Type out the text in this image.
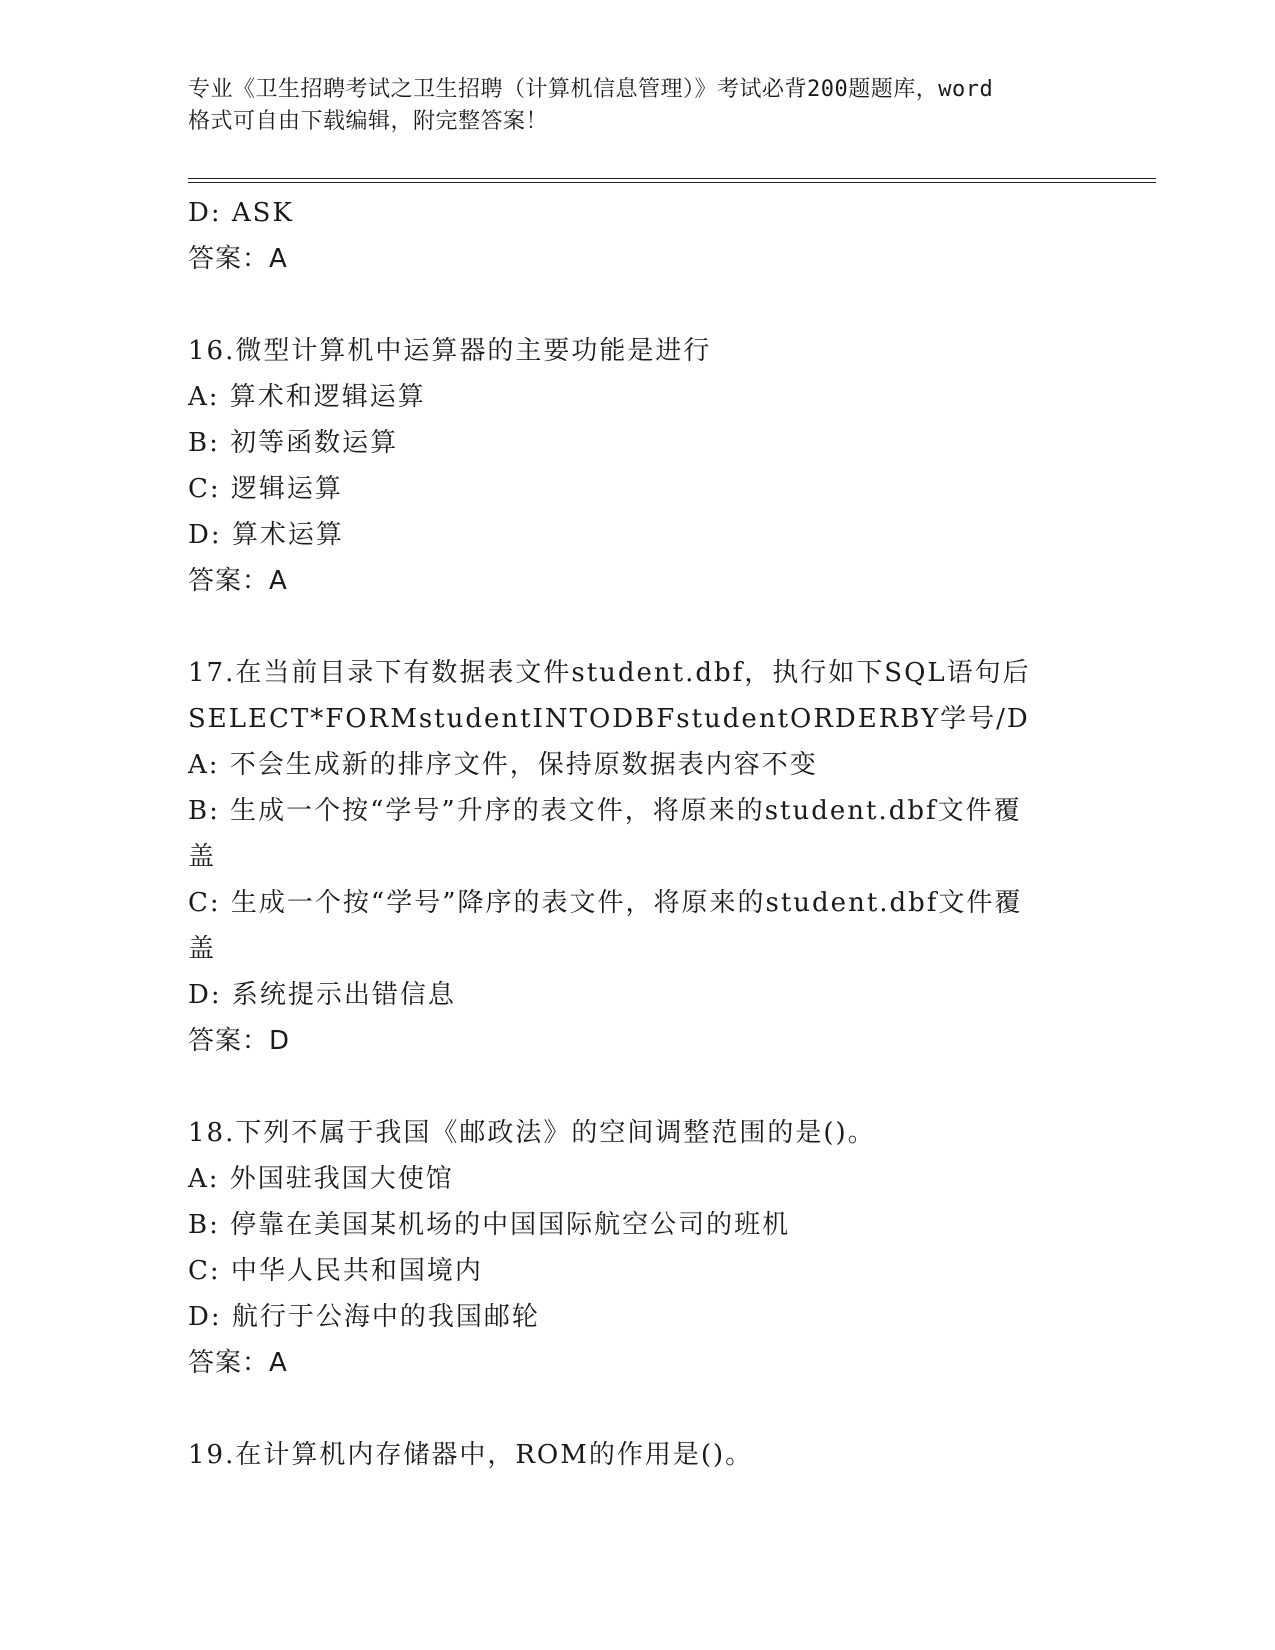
专业《卫生招聘考试之卫生招聘（计算机信息管理）》考试必背200题题库，word
格式可自由下载编辑，附完整答案！
D: ASK
答案：A
16.微型计算机中运算器的主要功能是进行
A: 算术和逻辑运算
B: 初等函数运算
C: 逻辑运算
D: 算术运算
答案：A
17.在当前目录下有数据表文件student.dbf，执行如下SQL语句后
SELECT*FORMstudentINTODBFstudentORDERBY学号/D
A: 不会生成新的排序文件，保持原数据表内容不变
B: 生成一个按“学号”升序的表文件，将原来的student.dbf文件覆
盖
C: 生成一个按“学号”降序的表文件，将原来的student.dbf文件覆
盖
D: 系统提示出错信息
答案：D
18.下列不属于我国《邮政法》的空间调整范围的是()。
A: 外国驻我国大使馆
B: 停靠在美国某机场的中国国际航空公司的班机
C: 中华人民共和国境内
D: 航行于公海中的我国邮轮
答案：A
19.在计算机内存储器中，ROM的作用是()。
